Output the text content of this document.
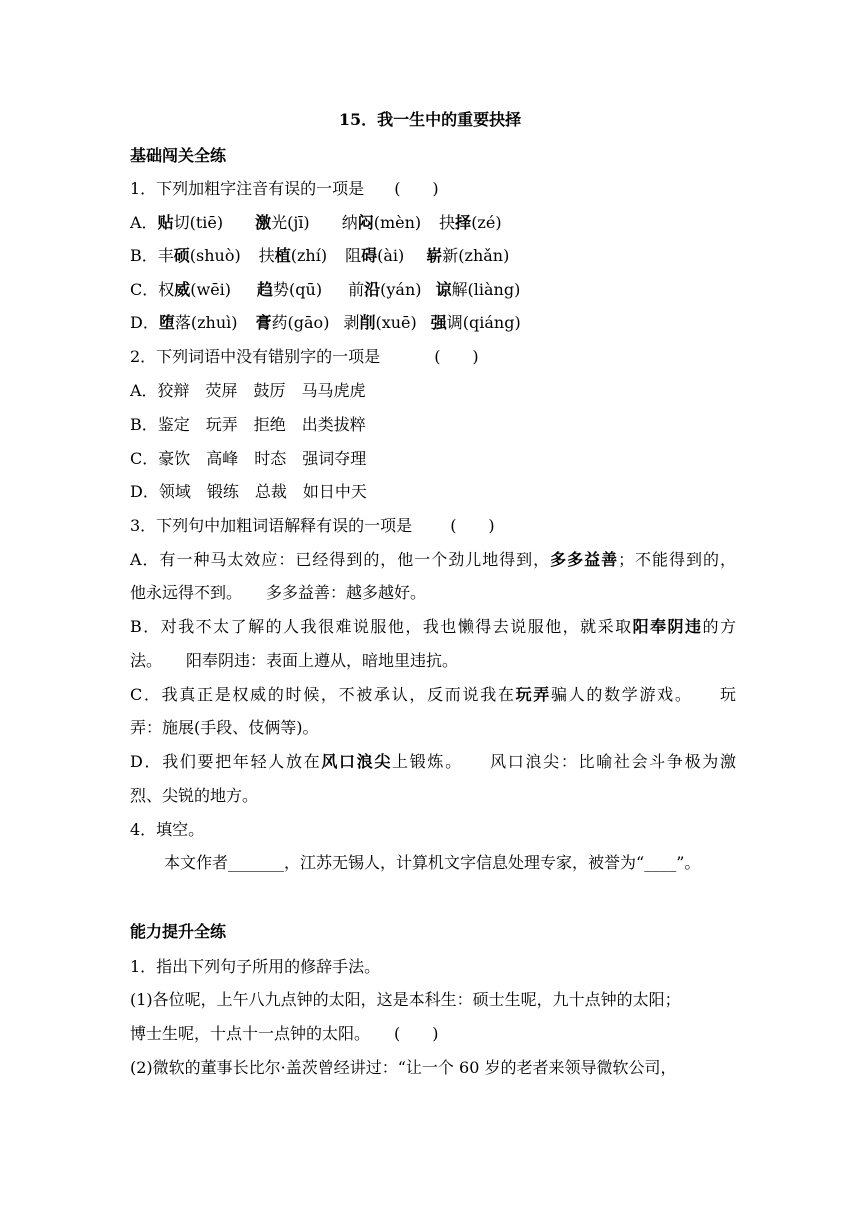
15．我一生中的重要抉择
基础闯关全练
1．下列加粗字注音有误的一项是 (　　)
A．贴切(tiē) 激光(jī) 纳闷(mèn) 抉择(zé)
B．丰硕(shuò) 扶植(zhí) 阻碍(ài) 崭新(zhǎn)
C．权威(wēi) 趋势(qū) 前沿(yán) 谅解(liàng)
D．堕落(zhuì) 膏药(gāo) 剥削(xuē) 强调(qiáng)
2．下列词语中没有错别字的一项是	(　　)
A．狡辩　荧屏　鼓厉　马马虎虎
B．鉴定　玩弄　拒绝　出类拔粹
C．豪饮　高峰　时态　强词夺理
D．领域　锻练　总裁　如日中天
3．下列句中加粗词语解释有误的一项是 (　　)
A．有一种马太效应：已经得到的，他一个劲儿地得到，多多益善；不能得到的，
他永远得不到。　　多多益善：越多越好。
B．对我不太了解的人我很难说服他，我也懒得去说服他，就采取阳奉阴违的方
法。　　阳奉阴违：表面上遵从，暗地里违抗。
C．我真正是权威的时候，不被承认，反而说我在玩弄骗人的数学游戏。　　玩
弄：施展(手段、伎俩等)。
D．我们要把年轻人放在风口浪尖上锻炼。　　风口浪尖：比喻社会斗争极为激
烈、尖锐的地方。
4．填空。
本文作者_______，江苏无锡人，计算机文字信息处理专家，被誉为“____”。
能力提升全练
1．指出下列句子所用的修辞手法。
(1)各位呢，上午八九点钟的太阳，这是本科生：硕士生呢，九十点钟的太阳；
博士生呢，十点十一点钟的太阳。　　(　　)
(2)微软的董事长比尔·盖茨曾经讲过：“让一个 60 岁的老者来领导微软公司，
